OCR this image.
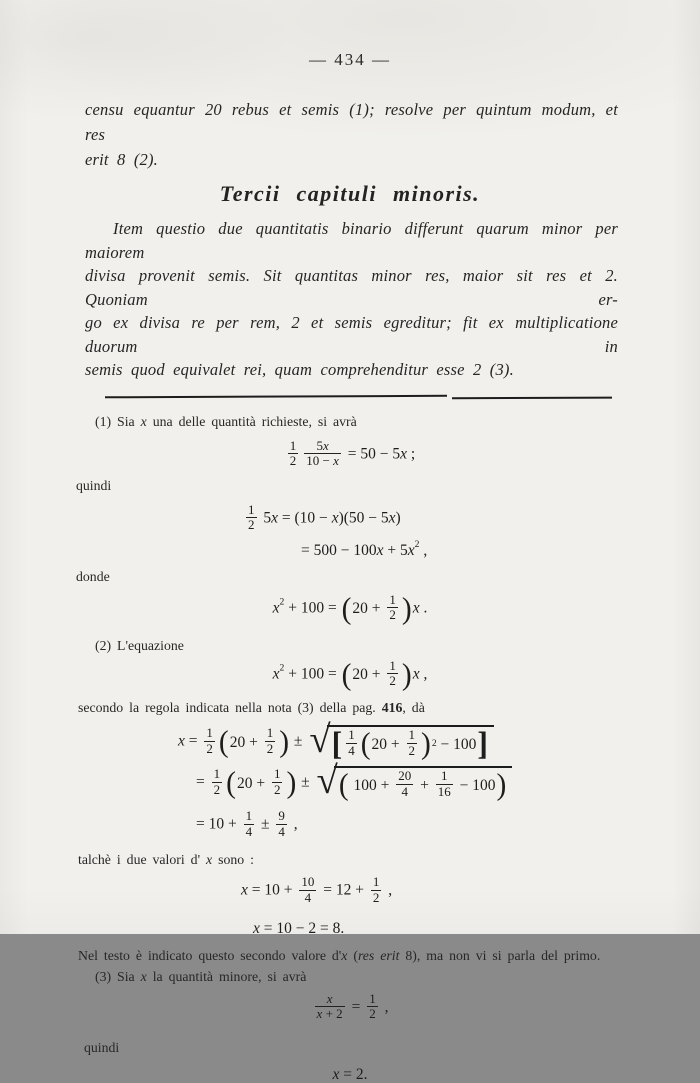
— 434 —
censu equantur 20 rebus et semis (1); resolve per quintum modum, et res
erit 8 (2).
Tercii capituli minoris.
Item questio due quantitatis binario differunt quarum minor per maiorem
divisa provenit semis. Sit quantitas minor res, maior sit res et 2. Quoniam er-
go ex divisa re per rem, 2 et semis egreditur; fit ex multiplicatione duorum in
semis quod equivalet rei, quam comprehenditur esse 2 (3).
(1) Sia x una delle quantità richieste, si avrà
$\frac{1}{2} \frac{5x}{10 - x} = 50 - 5x$ ;
quindi
$\frac{1}{2} 5x = (10 - x)(50 - 5x)$
= $500 - 100x + 5x^2$ ,
donde
$x^2 + 100$ = ( $20 + \frac{1}{2}$ ) x .
(2) L'equazione
$x^2 + 100$ = ( $20 + \frac{1}{2}$ ) x ,
secondo la regola indicata nella nota (3) della pag. 416, dà
$x = \frac{1}{2}$ ( $20 + \frac{1}{2}$ ) ± √ [ $\frac{1}{4}$ ( $20 + \frac{1}{2}$ ) 2 − 100 ]
= $\frac{1}{2}$ ( $20 + \frac{1}{2}$ ) ± √ ( $100 + \frac{20}{4} + \frac{1}{16} - 100$ )
= $10 + \frac{1}{4} \pm \frac{9}{4}$ ,
talchè i due valori d' x sono :
$x = 10 + \frac{10}{4} = 12 + \frac{1}{2}$ ,
x = 10 − 2 = 8.
Nel testo è indicato questo secondo valore d'x (res erit 8), ma non vi si parla del primo.
(3) Sia x la quantità minore, si avrà
$\frac{x}{x + 2} = \frac{1}{2}$ ,
quindi
x = 2.
